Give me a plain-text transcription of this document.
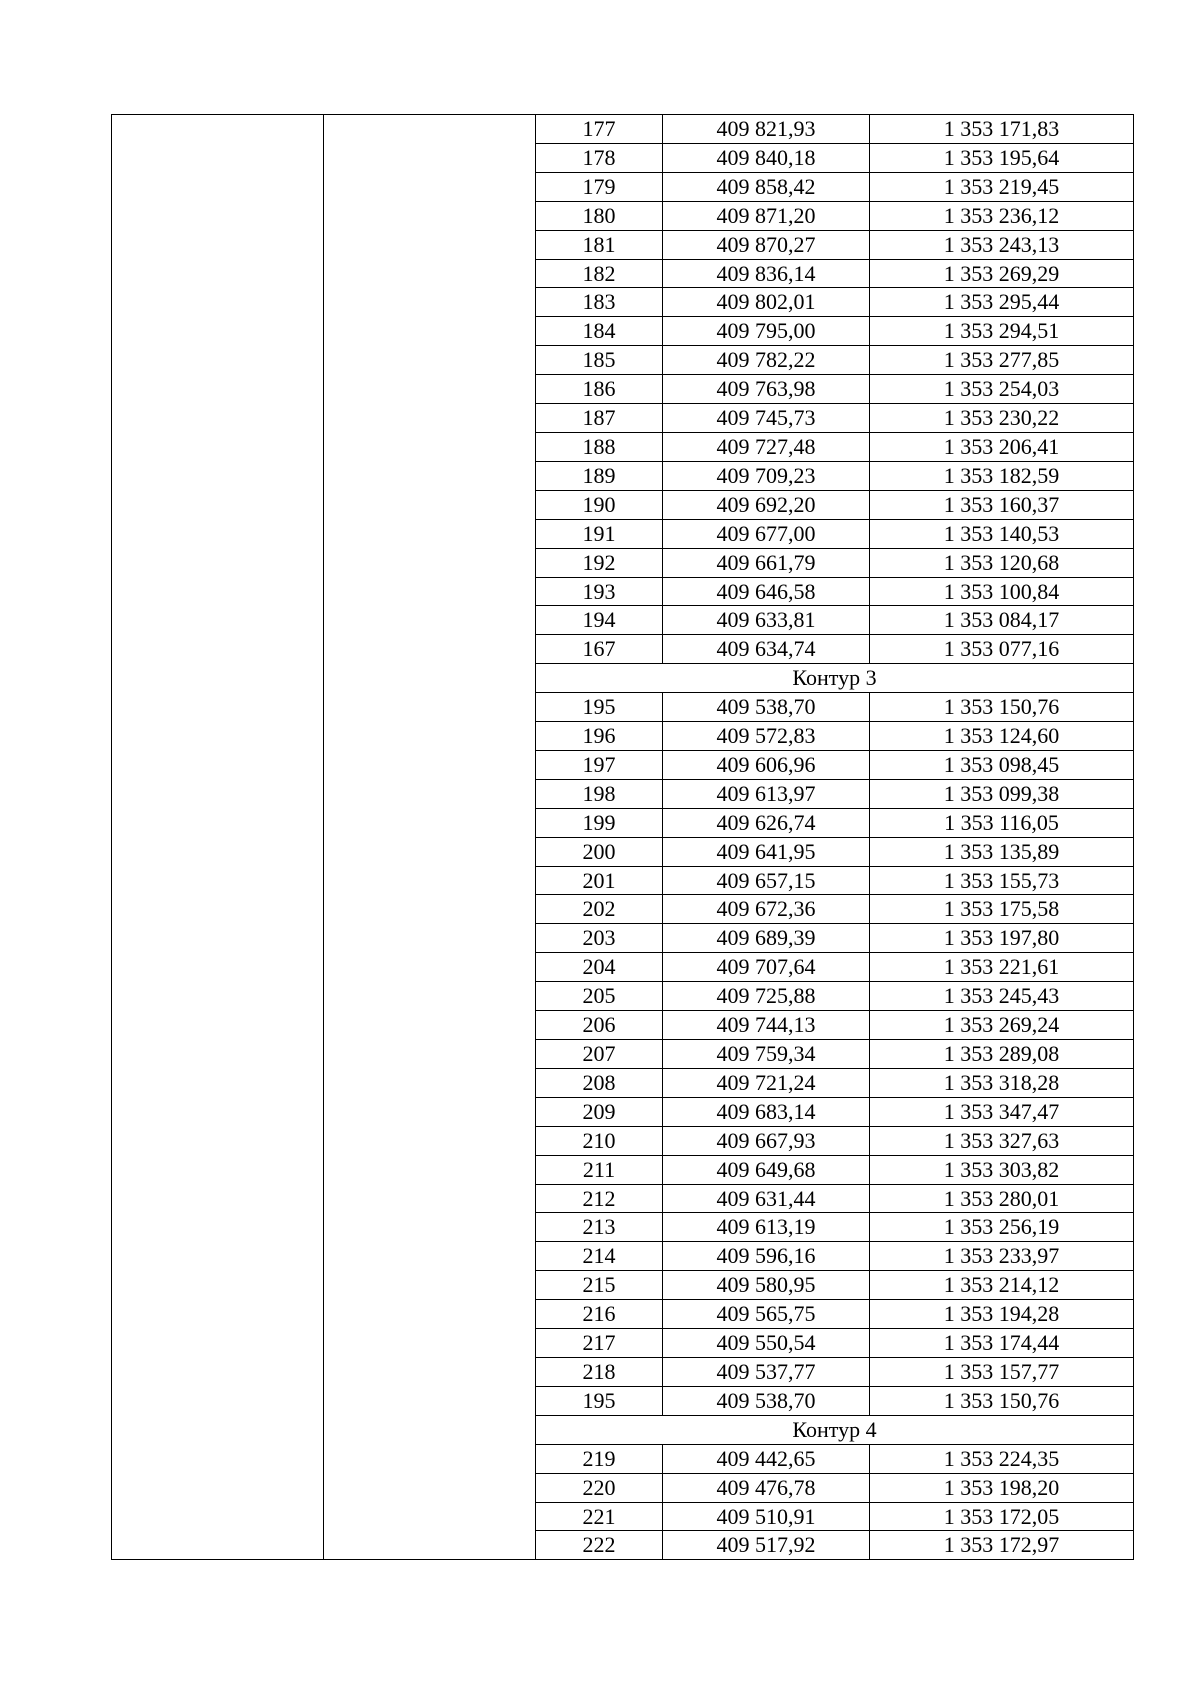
		177	409 821,93	1 353 171,83
		178	409 840,18	1 353 195,64
		179	409 858,42	1 353 219,45
		180	409 871,20	1 353 236,12
		181	409 870,27	1 353 243,13
		182	409 836,14	1 353 269,29
		183	409 802,01	1 353 295,44
		184	409 795,00	1 353 294,51
		185	409 782,22	1 353 277,85
		186	409 763,98	1 353 254,03
		187	409 745,73	1 353 230,22
		188	409 727,48	1 353 206,41
		189	409 709,23	1 353 182,59
		190	409 692,20	1 353 160,37
		191	409 677,00	1 353 140,53
		192	409 661,79	1 353 120,68
		193	409 646,58	1 353 100,84
		194	409 633,81	1 353 084,17
		167	409 634,74	1 353 077,16
		Контур 3		
		195	409 538,70	1 353 150,76
		196	409 572,83	1 353 124,60
		197	409 606,96	1 353 098,45
		198	409 613,97	1 353 099,38
		199	409 626,74	1 353 116,05
		200	409 641,95	1 353 135,89
		201	409 657,15	1 353 155,73
		202	409 672,36	1 353 175,58
		203	409 689,39	1 353 197,80
		204	409 707,64	1 353 221,61
		205	409 725,88	1 353 245,43
		206	409 744,13	1 353 269,24
		207	409 759,34	1 353 289,08
		208	409 721,24	1 353 318,28
		209	409 683,14	1 353 347,47
		210	409 667,93	1 353 327,63
		211	409 649,68	1 353 303,82
		212	409 631,44	1 353 280,01
		213	409 613,19	1 353 256,19
		214	409 596,16	1 353 233,97
		215	409 580,95	1 353 214,12
		216	409 565,75	1 353 194,28
		217	409 550,54	1 353 174,44
		218	409 537,77	1 353 157,77
		195	409 538,70	1 353 150,76
		Контур 4		
		219	409 442,65	1 353 224,35
		220	409 476,78	1 353 198,20
		221	409 510,91	1 353 172,05
		222	409 517,92	1 353 172,97
